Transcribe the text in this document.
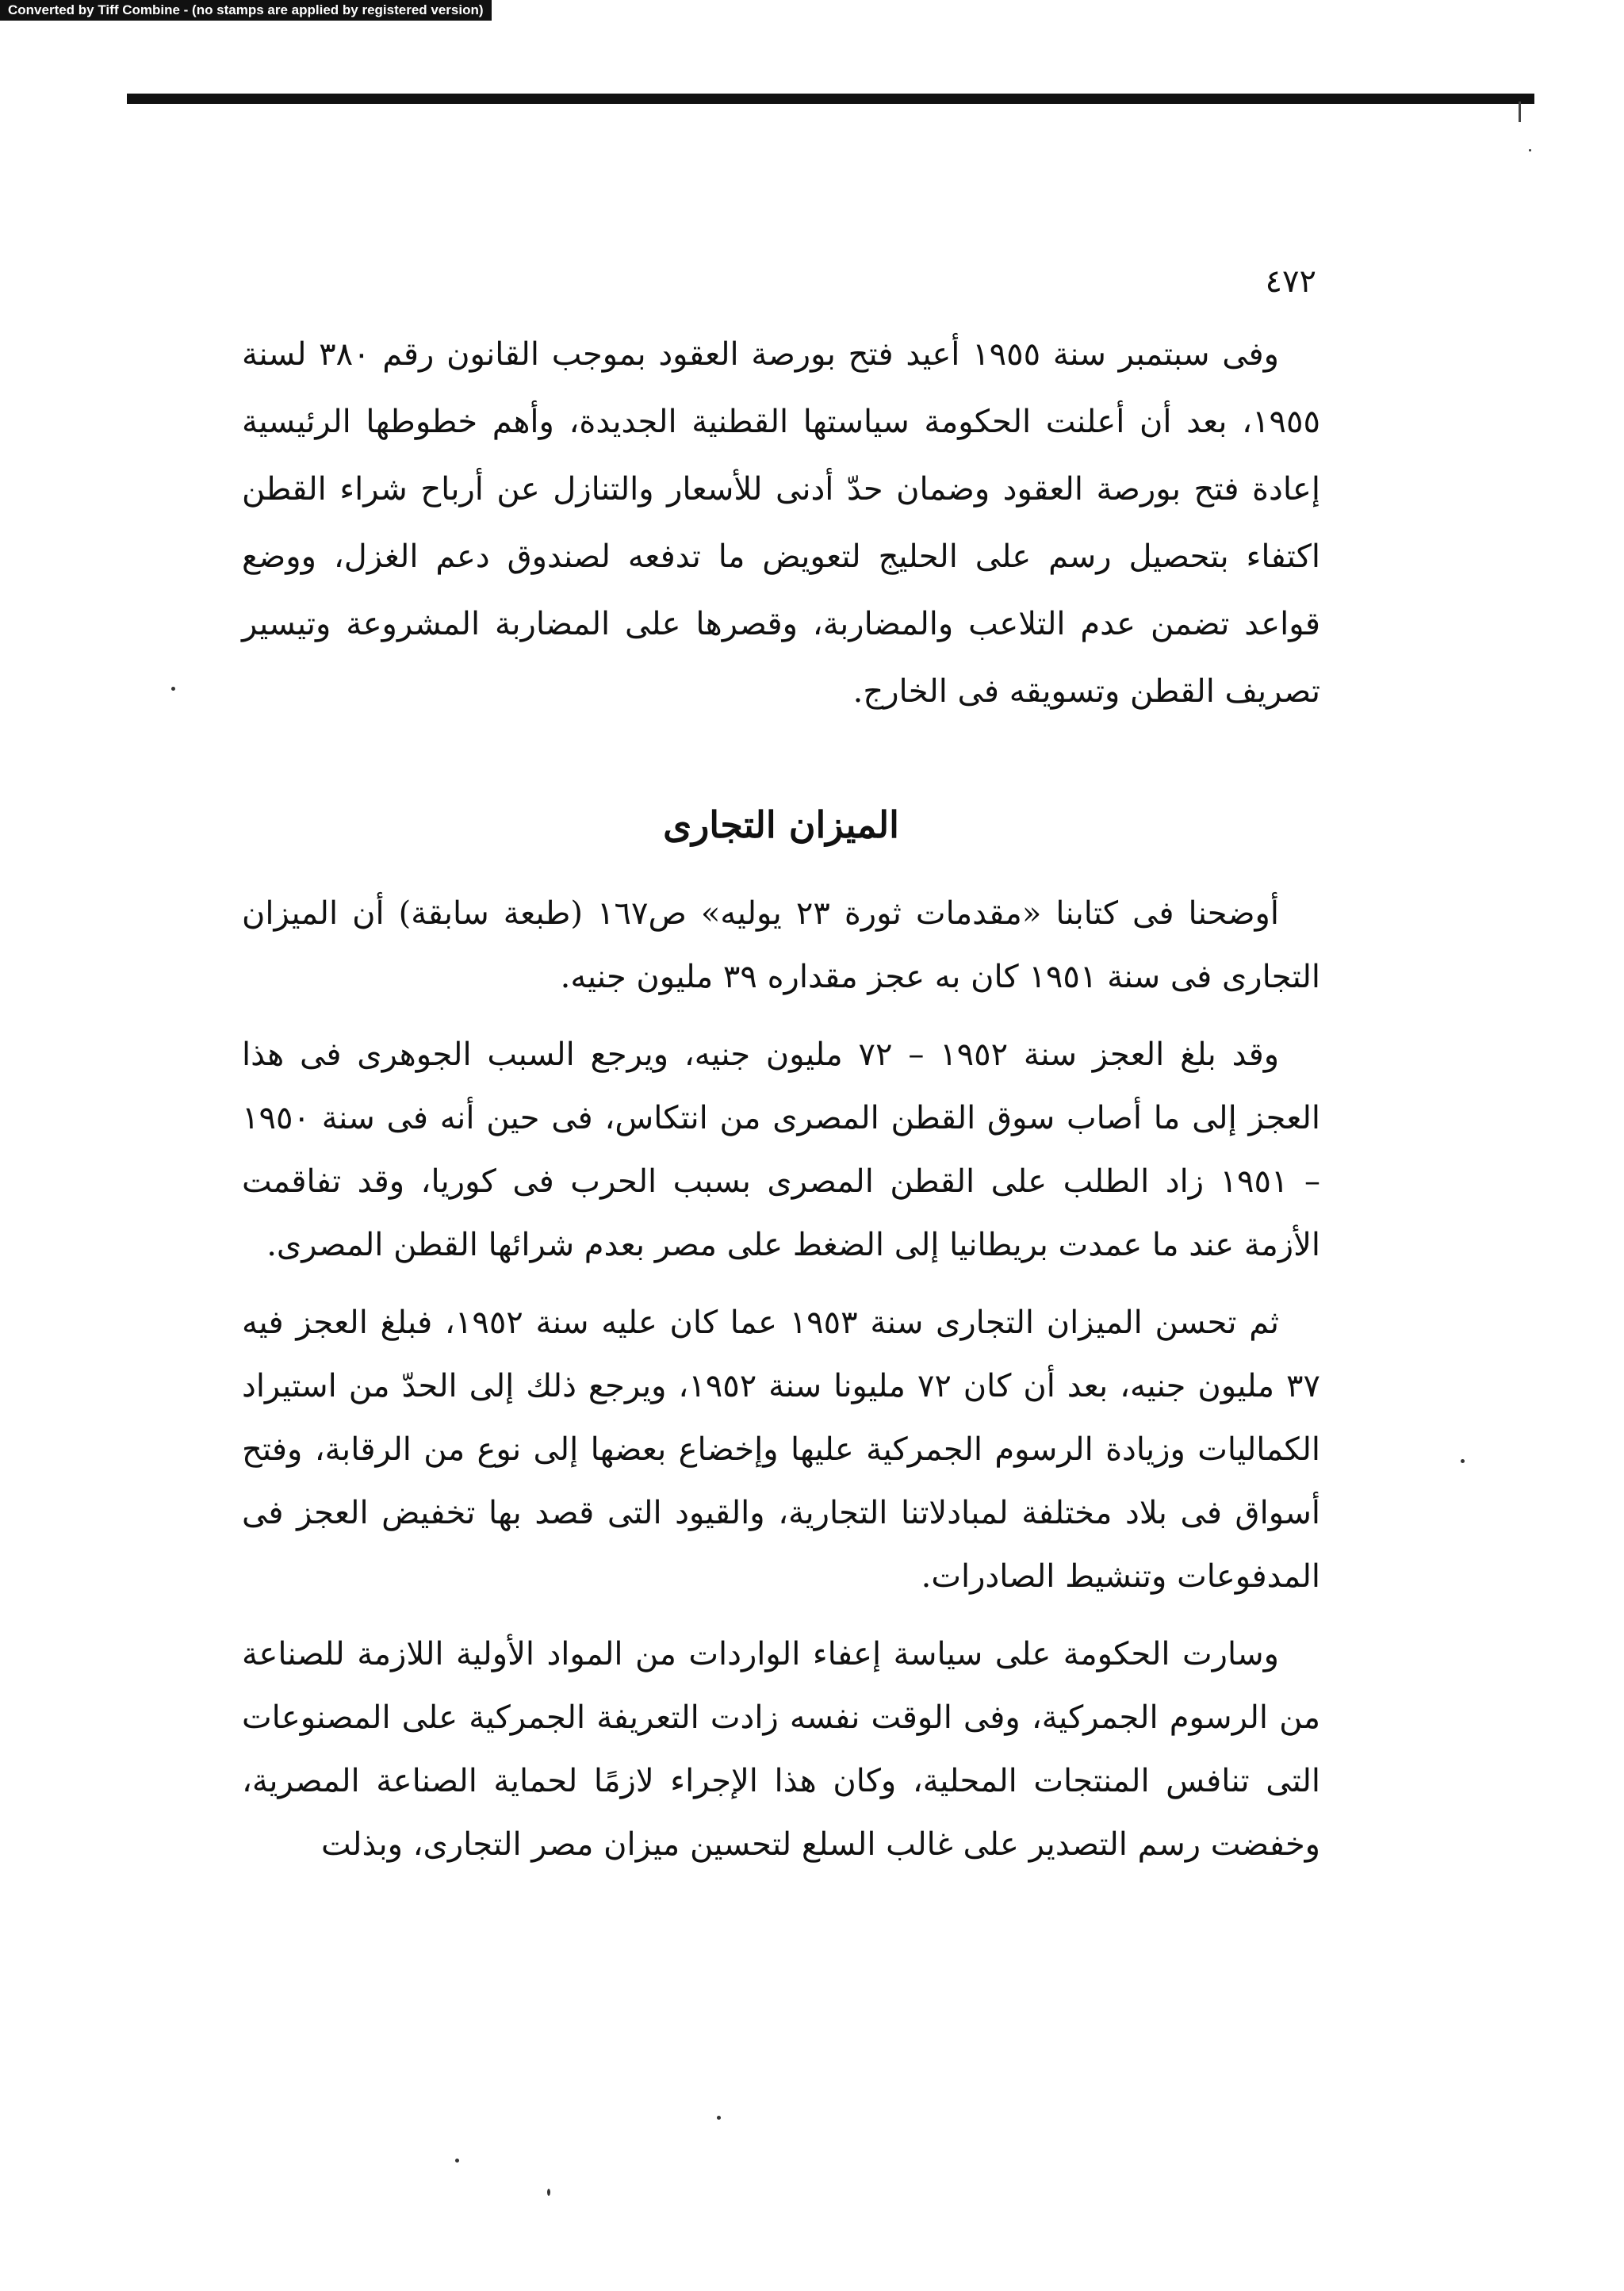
Converted by Tiff Combine - (no stamps are applied by registered version)
٤٧٢

وفى سبتمبر سنة ١٩٥٥ أعيد فتح بورصة العقود بموجب القانون رقم ٣٨٠ لسنة ١٩٥٥، بعد أن أعلنت الحكومة سياستها القطنية الجديدة، وأهم خطوطها الرئيسية إعادة فتح بورصة العقود وضمان حدّ أدنى للأسعار والتنازل عن أرباح شراء القطن اكتفاء بتحصيل رسم على الحليج لتعويض ما تدفعه لصندوق دعم الغزل، ووضع قواعد تضمن عدم التلاعب والمضاربة، وقصرها على المضاربة المشروعة وتيسير تصريف القطن وتسويقه فى الخارج.

الميزان التجارى

أوضحنا فى كتابنا «مقدمات ثورة ٢٣ يوليه» ص١٦٧ (طبعة سابقة) أن الميزان التجارى فى سنة ١٩٥١ كان به عجز مقداره ٣٩ مليون جنيه.

وقد بلغ العجز سنة ١٩٥٢ – ٧٢ مليون جنيه، ويرجع السبب الجوهرى فى هذا العجز إلى ما أصاب سوق القطن المصرى من انتكاس، فى حين أنه فى سنة ١٩٥٠ – ١٩٥١ زاد الطلب على القطن المصرى بسبب الحرب فى كوريا، وقد تفاقمت الأزمة عند ما عمدت بريطانيا إلى الضغط على مصر بعدم شرائها القطن المصرى.

ثم تحسن الميزان التجارى سنة ١٩٥٣ عما كان عليه سنة ١٩٥٢، فبلغ العجز فيه ٣٧ مليون جنيه، بعد أن كان ٧٢ مليونا سنة ١٩٥٢، ويرجع ذلك إلى الحدّ من استيراد الكماليات وزيادة الرسوم الجمركية عليها وإخضاع بعضها إلى نوع من الرقابة، وفتح أسواق فى بلاد مختلفة لمبادلاتنا التجارية، والقيود التى قصد بها تخفيض العجز فى المدفوعات وتنشيط الصادرات.

وسارت الحكومة على سياسة إعفاء الواردات من المواد الأولية اللازمة للصناعة من الرسوم الجمركية، وفى الوقت نفسه زادت التعريفة الجمركية على المصنوعات التى تنافس المنتجات المحلية، وكان هذا الإجراء لازمًا لحماية الصناعة المصرية، وخفضت رسم التصدير على غالب السلع لتحسين ميزان مصر التجارى، وبذلت
